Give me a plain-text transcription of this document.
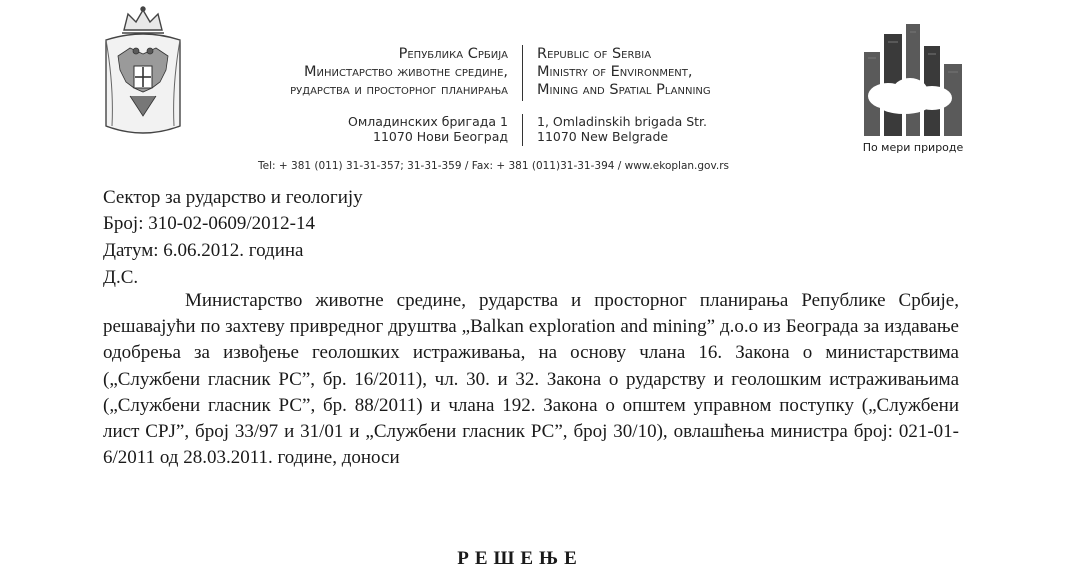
Република Србија
Министарство животне средине,
рударства и просторног планирања
Republic of Serbia
Ministry of Environment,
Mining and Spatial Planning
Омладинских бригада 1
11070 Нови Београд
1, Omladinskih brigada Str.
11070 New Belgrade
Tel: + 381 (011) 31-31-357; 31-31-359 / Fax: + 381 (011)31-31-394 / www.ekoplan.gov.rs
По мери природе
Сектор за рударство и геологију
Број: 310-02-0609/2012-14
Датум: 6.06.2012. година
Д.С.
Министарство животне средине, рударства и просторног планирања Републике Србије, решавајући по захтеву привредног друштва „Balkan exploration and mining” д.о.о из Београда за издавање одобрења за извођење геолошких истраживања, на основу члана 16. Закона о министарствима („Службени гласник РС”, бр. 16/2011), чл. 30. и 32. Закона о рударству и геолошким истраживањима („Службени гласник РС”, бр. 88/2011) и члана 192. Закона о општем управном поступку („Службени лист СРЈ”, број 33/97 и 31/01 и „Службени гласник РС”, број 30/10), овлашћења министра број: 021-01-6/2011 од 28.03.2011. године, доноси
РЕШЕЊЕ
